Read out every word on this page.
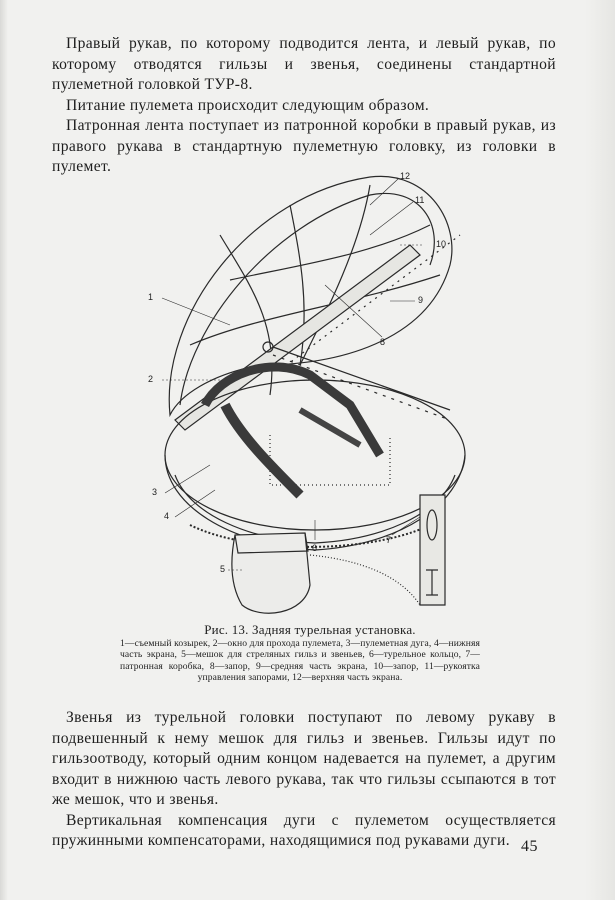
Правый рукав, по которому подводится лента, и левый рукав, по которому отводятся гильзы и звенья, соединены стандартной пулеметной головкой ТУР-8.

Питание пулемета происходит следующим образом.

Патронная лента поступает из патронной коробки в правый рукав, из правого рукава в стандартную пулеметную головку, из головки в пулемет.

1
2
3
4
5
6
7
8
9
10
11
12
Рис. 13. Задняя турельная установка.
1—съемный козырек, 2—окно для прохода пулемета, 3—пулеметная дуга, 4—нижняя часть экрана, 5—мешок для стреляных гильз и звеньев, 6—турельное кольцо, 7—патронная коробка, 8—запор, 9—средняя часть экрана, 10—запор, 11—рукоятка управления запорами, 12—верхняя часть экрана.

Звенья из турельной головки поступают по левому рукаву в подвешенный к нему мешок для гильз и звеньев. Гильзы идут по гильзоотводу, который одним концом надевается на пулемет, а другим входит в нижнюю часть левого рукава, так что гильзы ссыпаются в тот же мешок, что и звенья.

Вертикальная компенсация дуги с пулеметом осуществляется пружинными компенсаторами, находящимися под рукавами дуги. 45
